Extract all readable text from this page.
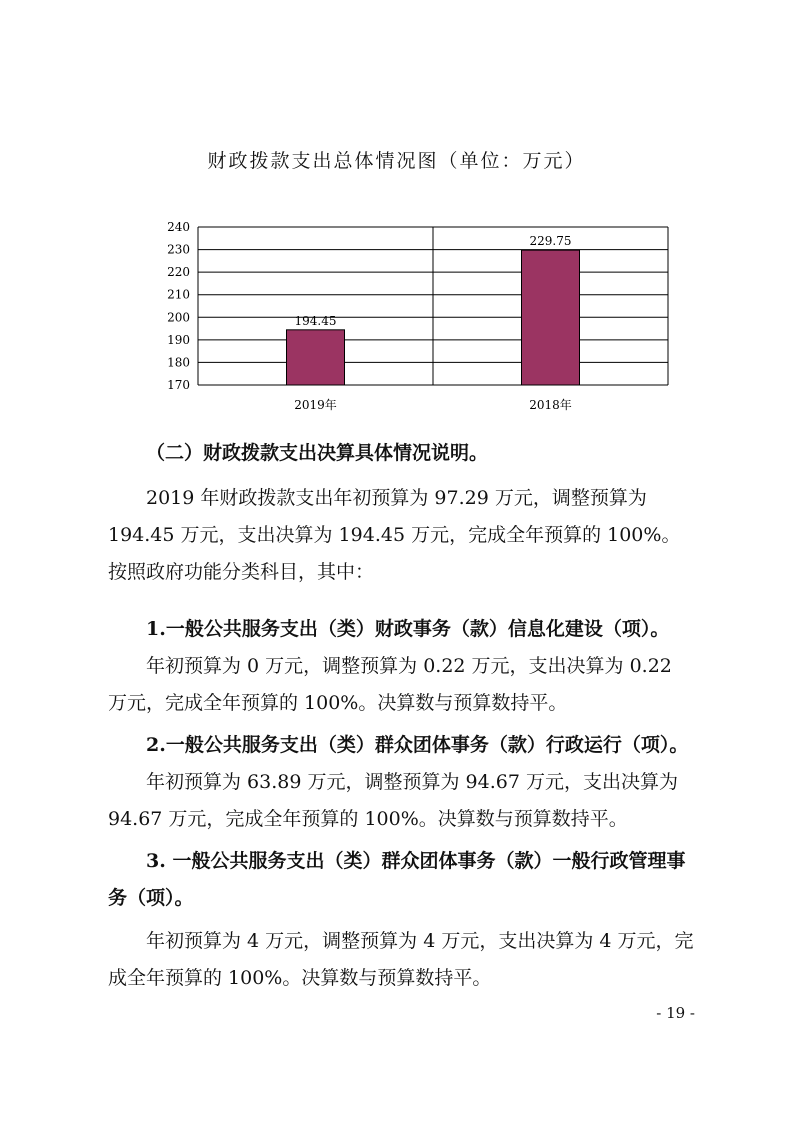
财政拨款支出总体情况图（单位：万元）
170
180
190
200
210
220
230
240
194.45
2019年
229.75
2018年

（二）财政拨款支出决算具体情况说明。

2019 年财政拨款支出年初预算为 97.29 万元，调整预算为 194.45 万元，支出决算为 194.45 万元，完成全年预算的 100%。按照政府功能分类科目，其中：

1.一般公共服务支出（类）财政事务（款）信息化建设（项）。

年初预算为 0 万元，调整预算为 0.22 万元，支出决算为 0.22 万元，完成全年预算的 100%。决算数与预算数持平。

2.一般公共服务支出（类）群众团体事务（款）行政运行（项）。

年初预算为 63.89 万元，调整预算为 94.67 万元，支出决算为 94.67 万元，完成全年预算的 100%。决算数与预算数持平。

3. 一般公共服务支出（类）群众团体事务（款）一般行政管理事务（项）。

年初预算为 4 万元，调整预算为 4 万元，支出决算为 4 万元，完成全年预算的 100%。决算数与预算数持平。

- 19 -
